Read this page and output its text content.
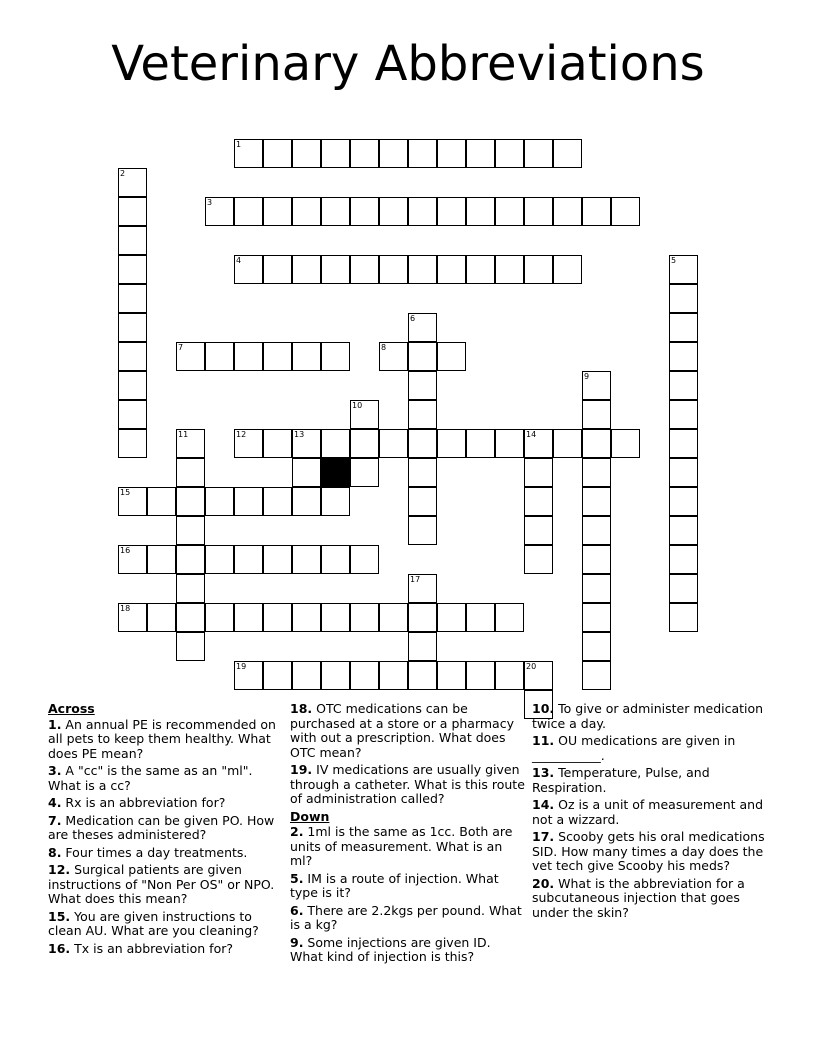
Veterinary Abbreviations
1
2
3
4	5
6
7	8
9
10
11	12	13	14
15
16
17
18
19	20
Across
1. An annual PE is recommended on all pets to keep them healthy. What does PE mean?
3. A "cc" is the same as an "ml". What is a cc?
4. Rx is an abbreviation for?
7. Medication can be given PO. How are theses administered?
8. Four times a day treatments.
12. Surgical patients are given instructions of "Non Per OS" or NPO. What does this mean?
15. You are given instructions to clean AU. What are you cleaning?
16. Tx is an abbreviation for?
18. OTC medications can be purchased at a store or a pharmacy with out a prescription. What does OTC mean?
19. IV medications are usually given through a catheter. What is this route of administration called?
Down
2. 1ml is the same as 1cc. Both are units of measurement. What is an ml?
5. IM is a route of injection. What type is it?
6. There are 2.2kgs per pound. What is a kg?
9. Some injections are given ID. What kind of injection is this?
10. To give or administer medication twice a day.
11. OU medications are given in ___________.
13. Temperature, Pulse, and Respiration.
14. Oz is a unit of measurement and not a wizzard.
17. Scooby gets his oral medications SID. How many times a day does the vet tech give Scooby his meds?
20. What is the abbreviation for a subcutaneous injection that goes under the skin?
